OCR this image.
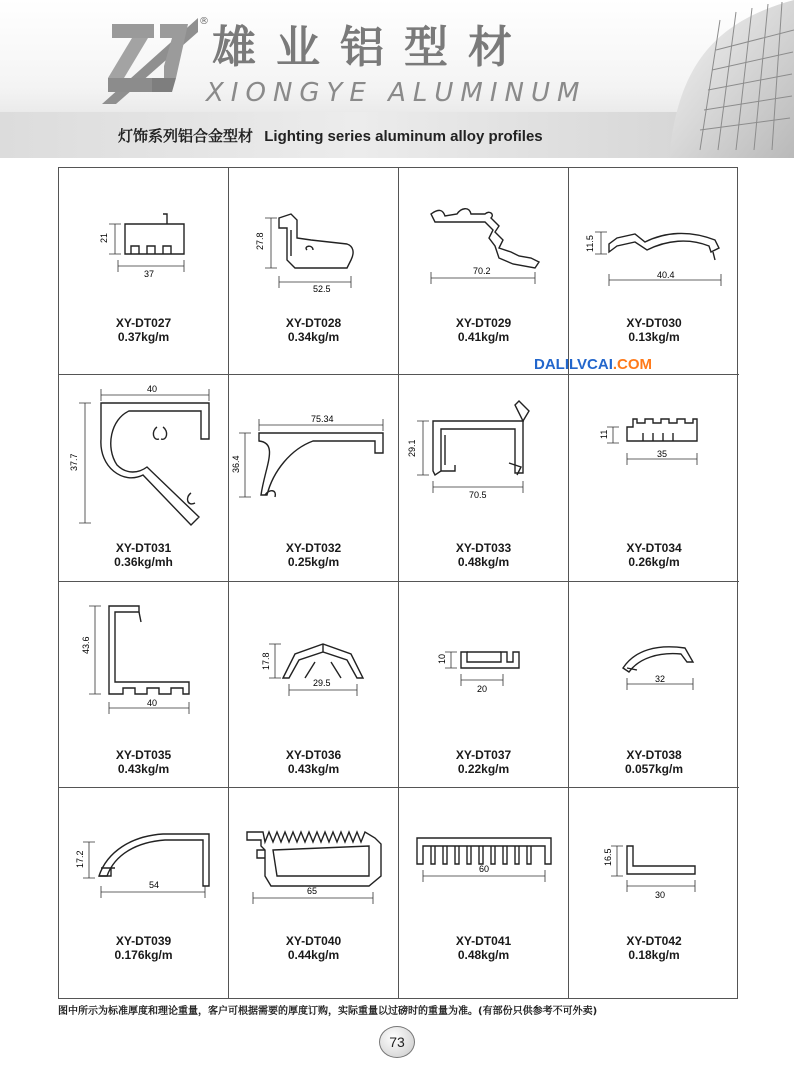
®
雄业铝型材
XIONGYE ALUMINUM
灯饰系列铝合金型材 Lighting series aluminum alloy profiles
21
37
XY-DT027
0.37kg/m
27.8
52.5
XY-DT028
0.34kg/m
70.2
XY-DT029
0.41kg/m
11.5
40.4
XY-DT030
0.13kg/m
40
37.7
XY-DT031
0.36kg/mh
75.34
36.4
XY-DT032
0.25kg/m
29.1
70.5
XY-DT033
0.48kg/m
11
35
XY-DT034
0.26kg/m
43.6
40
XY-DT035
0.43kg/m
17.8
29.5
XY-DT036
0.43kg/m
10
20
XY-DT037
0.22kg/m
32
XY-DT038
0.057kg/m
17.2
54
XY-DT039
0.176kg/m
65
XY-DT040
0.44kg/m
60
XY-DT041
0.48kg/m
16.5
30
XY-DT042
0.18kg/m
DALILVCAI.COM
图中所示为标准厚度和理论重量，客户可根据需要的厚度订购，实际重量以过磅时的重量为准。(有部份只供参考不可外卖)
73
